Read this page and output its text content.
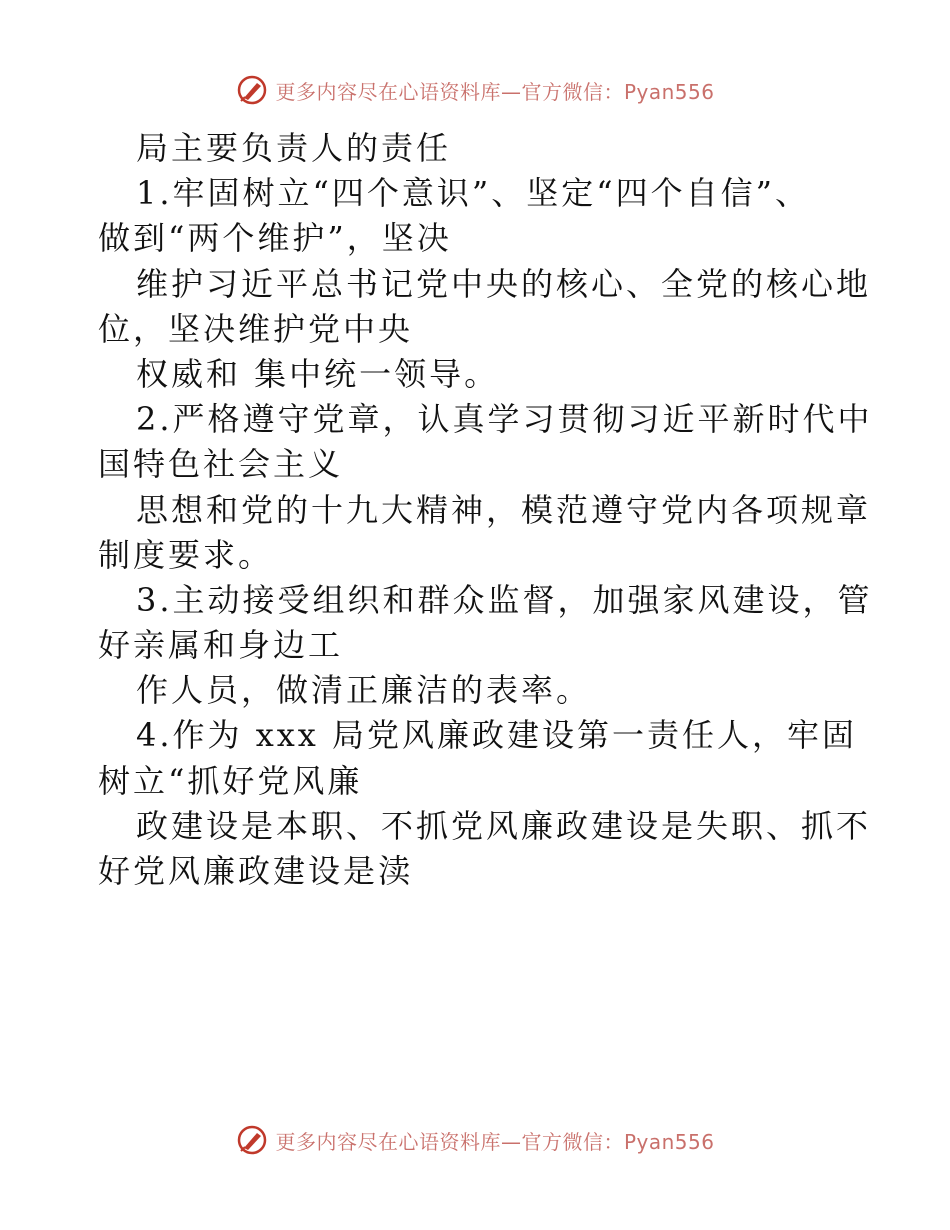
更多内容尽在心语资料库—官方微信：Pyan556
局主要负责人的责任
1.牢固树立“四个意识”、坚定“四个自信”、
做到“两个维护”，坚决
维护习近平总书记党中央的核心、全党的核心地
位，坚决维护党中央
权威和 集中统一领导。
2.严格遵守党章，认真学习贯彻习近平新时代中
国特色社会主义
思想和党的十九大精神，模范遵守党内各项规章
制度要求。
3.主动接受组织和群众监督，加强家风建设，管
好亲属和身边工
作人员，做清正廉洁的表率。
4.作为 xxx 局党风廉政建设第一责任人，牢固
树立“抓好党风廉
政建设是本职、不抓党风廉政建设是失职、抓不
好党风廉政建设是渎
更多内容尽在心语资料库—官方微信：Pyan556
